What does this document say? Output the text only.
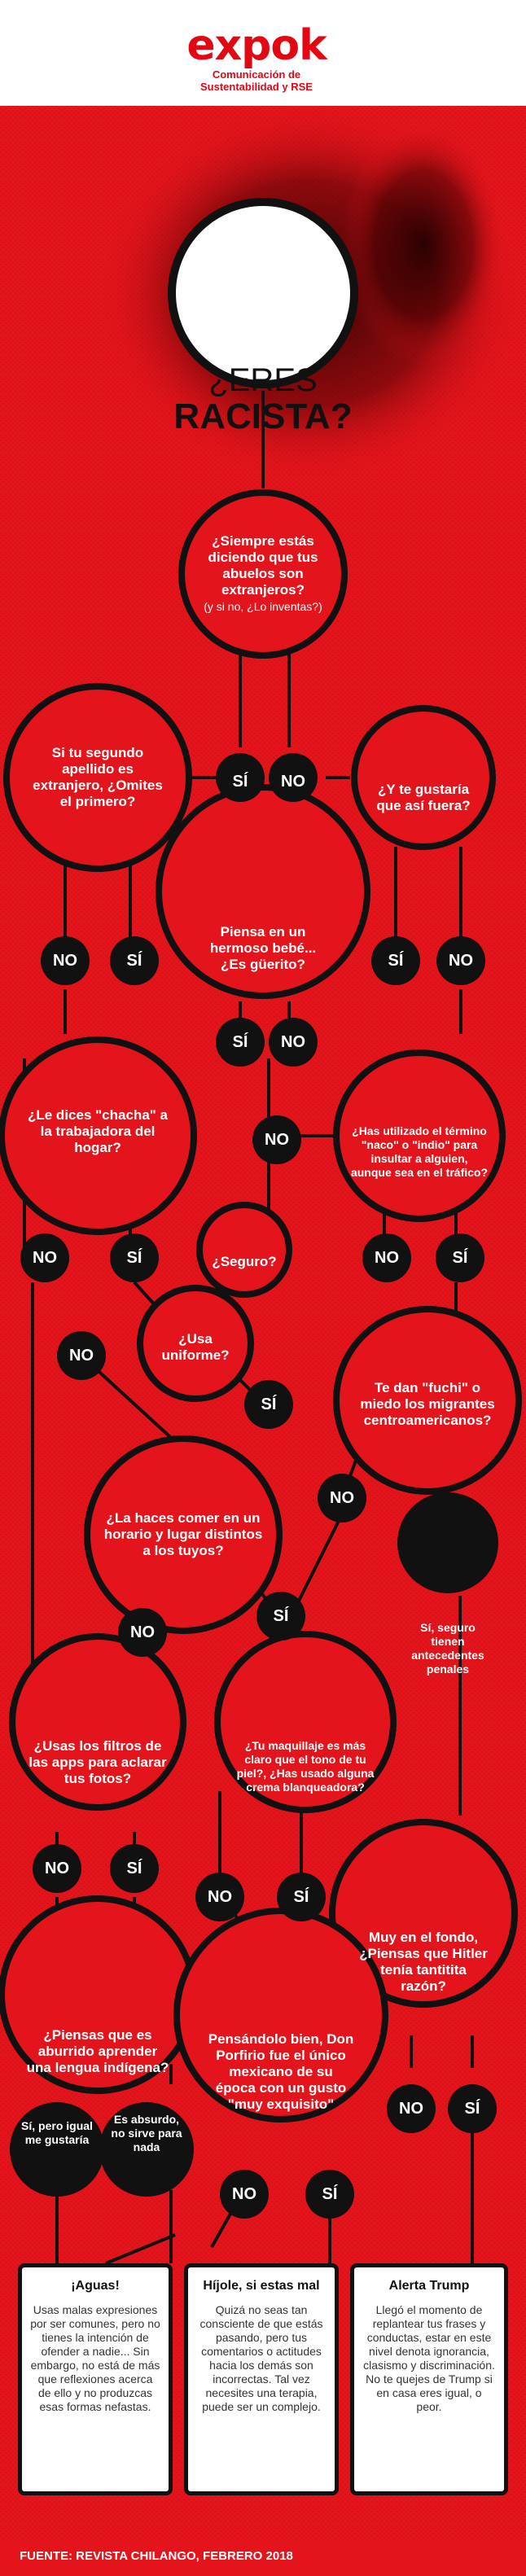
expok
Comunicación de Sustentabilidad y RSE
¿ERES
RACISTA?
¿Siempre estás diciendo que tus abuelos son extranjeros?
(y si no, ¿Lo inventas?)
Si tu segundo apellido es extranjero, ¿Omites el primero?
¿Y te gustaría que así fuera?
Piensa en un hermoso bebé... ¿Es güerito?
¿Le dices "chacha" a la trabajadora del hogar?
¿Has utilizado el término "naco" o "indio" para insultar a alguien, aunque sea en el tráfico?
¿Seguro?
¿Usa uniforme?
Te dan "fuchi" o miedo los migrantes centroamericanos?
¿La haces comer en un horario y lugar distintos a los tuyos?
¿Usas los filtros de las apps para aclarar tus fotos?
¿Tu maquillaje es más claro que el tono de tu piel?, ¿Has usado alguna crema blanqueadora?
Muy en el fondo, ¿Piensas que Hitler tenía tantitita razón?
¿Piensas que es aburrido aprender una lengua indígena?
Pensándolo bien, Don Porfirio fue el único mexicano de su época con un gusto "muy exquisito"
SÍ	NO
NO	SÍ	SÍ	NO
SÍ	NO
NO
NO	SÍ	NO	SÍ
NO
SÍ
NO
NO
SÍ
Sí, seguro tienen antecedentes penales
NO	SÍ
NO	SÍ
NO	SÍ
NO	SÍ
Sí, pero igual me gustaría
Es absurdo, no sirve para nada
¡Aguas!

Usas malas expresiones por ser comunes, pero no tienes la intención de ofender a nadie... Sin embargo, no está de más que reflexiones acerca de ello y no produzcas esas formas nefastas.

Híjole, si estas mal

Quizá no seas tan consciente de que estás pasando, pero tus comentarios o actitudes hacia los demás son incorrectas. Tal vez necesites una terapia, puede ser un complejo.

Alerta Trump

Llegó el momento de replantear tus frases y conductas, estar en este nivel denota ignorancia, clasismo y discriminación. No te quejes de Trump si en casa eres igual, o peor.

FUENTE: REVISTA CHILANGO, FEBRERO 2018
